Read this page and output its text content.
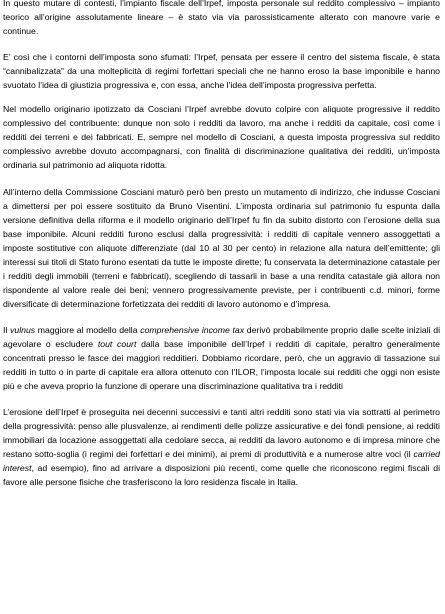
In questo mutare di contesti, l’impianto fiscale dell’Irpef, imposta personale sul reddito complessivo – impianto teorico all’origine assolutamente lineare – è stato via via parossisticamente alterato con manovre varie e continue.

E’ così che i contorni dell’imposta sono sfumati: l’Irpef, pensata per essere il centro del sistema fiscale, è stata “cannibalizzata” da una molteplicità di regimi forfettari speciali che ne hanno eroso la base imponibile e hanno svuotato l’idea di giustizia progressiva e, con essa, anche l’idea dell’imposta progressiva perfetta.

Nel modello originario ipotizzato da Cosciani l’Irpef avrebbe dovuto colpire con aliquote progressive il reddito complessivo del contribuente: dunque non solo i redditi da lavoro, ma anche i redditi da capitale, così come i redditi dei terreni e dei fabbricati. E, sempre nel modello di Cosciani, a questa imposta progressiva sul reddito complessivo avrebbe dovuto accompagnarsi, con finalità di discriminazione qualitativa dei redditi, un’imposta ordinaria sul patrimonio ad aliquota ridotta.

All’interno della Commissione Cosciani maturò però ben presto un mutamento di indirizzo, che indusse Cosciani a dimettersi per poi essere sostituito da Bruno Visentini. L’imposta ordinaria sul patrimonio fu espunta dalla versione definitiva della riforma e il modello originario dell’Irpef fu fin da subito distorto con l’erosione della sua base imponibile. Alcuni redditi furono esclusi dalla progressività: i redditi di capitale vennero assoggettati a imposte sostitutive con aliquote differenziate (dal 10 al 30 per cento) in relazione alla natura dell’emittente; gli interessi sui titoli di Stato furono esentati da tutte le imposte dirette; fu conservata la determinazione catastale per i redditi degli immobili (terreni e fabbricati), scegliendo di tassarli in base a una rendita catastale già allora non rispondente al valore reale dei beni; vennero progressivamente previste, per i contribuenti c.d. minori, forme diversificate di determinazione forfetizzata dei redditi di lavoro autonomo e d’impresa.

Il vulnus maggiore al modello della comprehensive income tax derivò probabilmente proprio dalle scelte iniziali di agevolare o escludere tout court dalla base imponibile dell’Irpef i redditi di capitale, peraltro generalmente concentrati presso le fasce dei maggiori redditieri. Dobbiamo ricordare, però, che un aggravio di tassazione sui redditi in tutto o in parte di capitale era allora ottenuto con l’ILOR, l’imposta locale sui redditi che oggi non esiste più e che aveva proprio la funzione di operare una discriminazione qualitativa tra i redditi

L’erosione dell’Irpef è proseguita nei decenni successivi e tanti altri redditi sono stati via via sottratti al perimetro della progressività: penso alle plusvalenze, ai rendimenti delle polizze assicurative e dei fondi pensione, ai redditi immobiliari da locazione assoggettati alla cedolare secca, ai redditi da lavoro autonomo e di impresa minore che restano sotto-soglia (i regimi dei forfettari e dei minimi), ai premi di produttività e a numerose altre voci (il carried interest, ad esempio), fino ad arrivare a disposizioni più recenti, come quelle che riconoscono regimi fiscali di favore alle persone fisiche che trasferiscono la loro residenza fiscale in Italia.
